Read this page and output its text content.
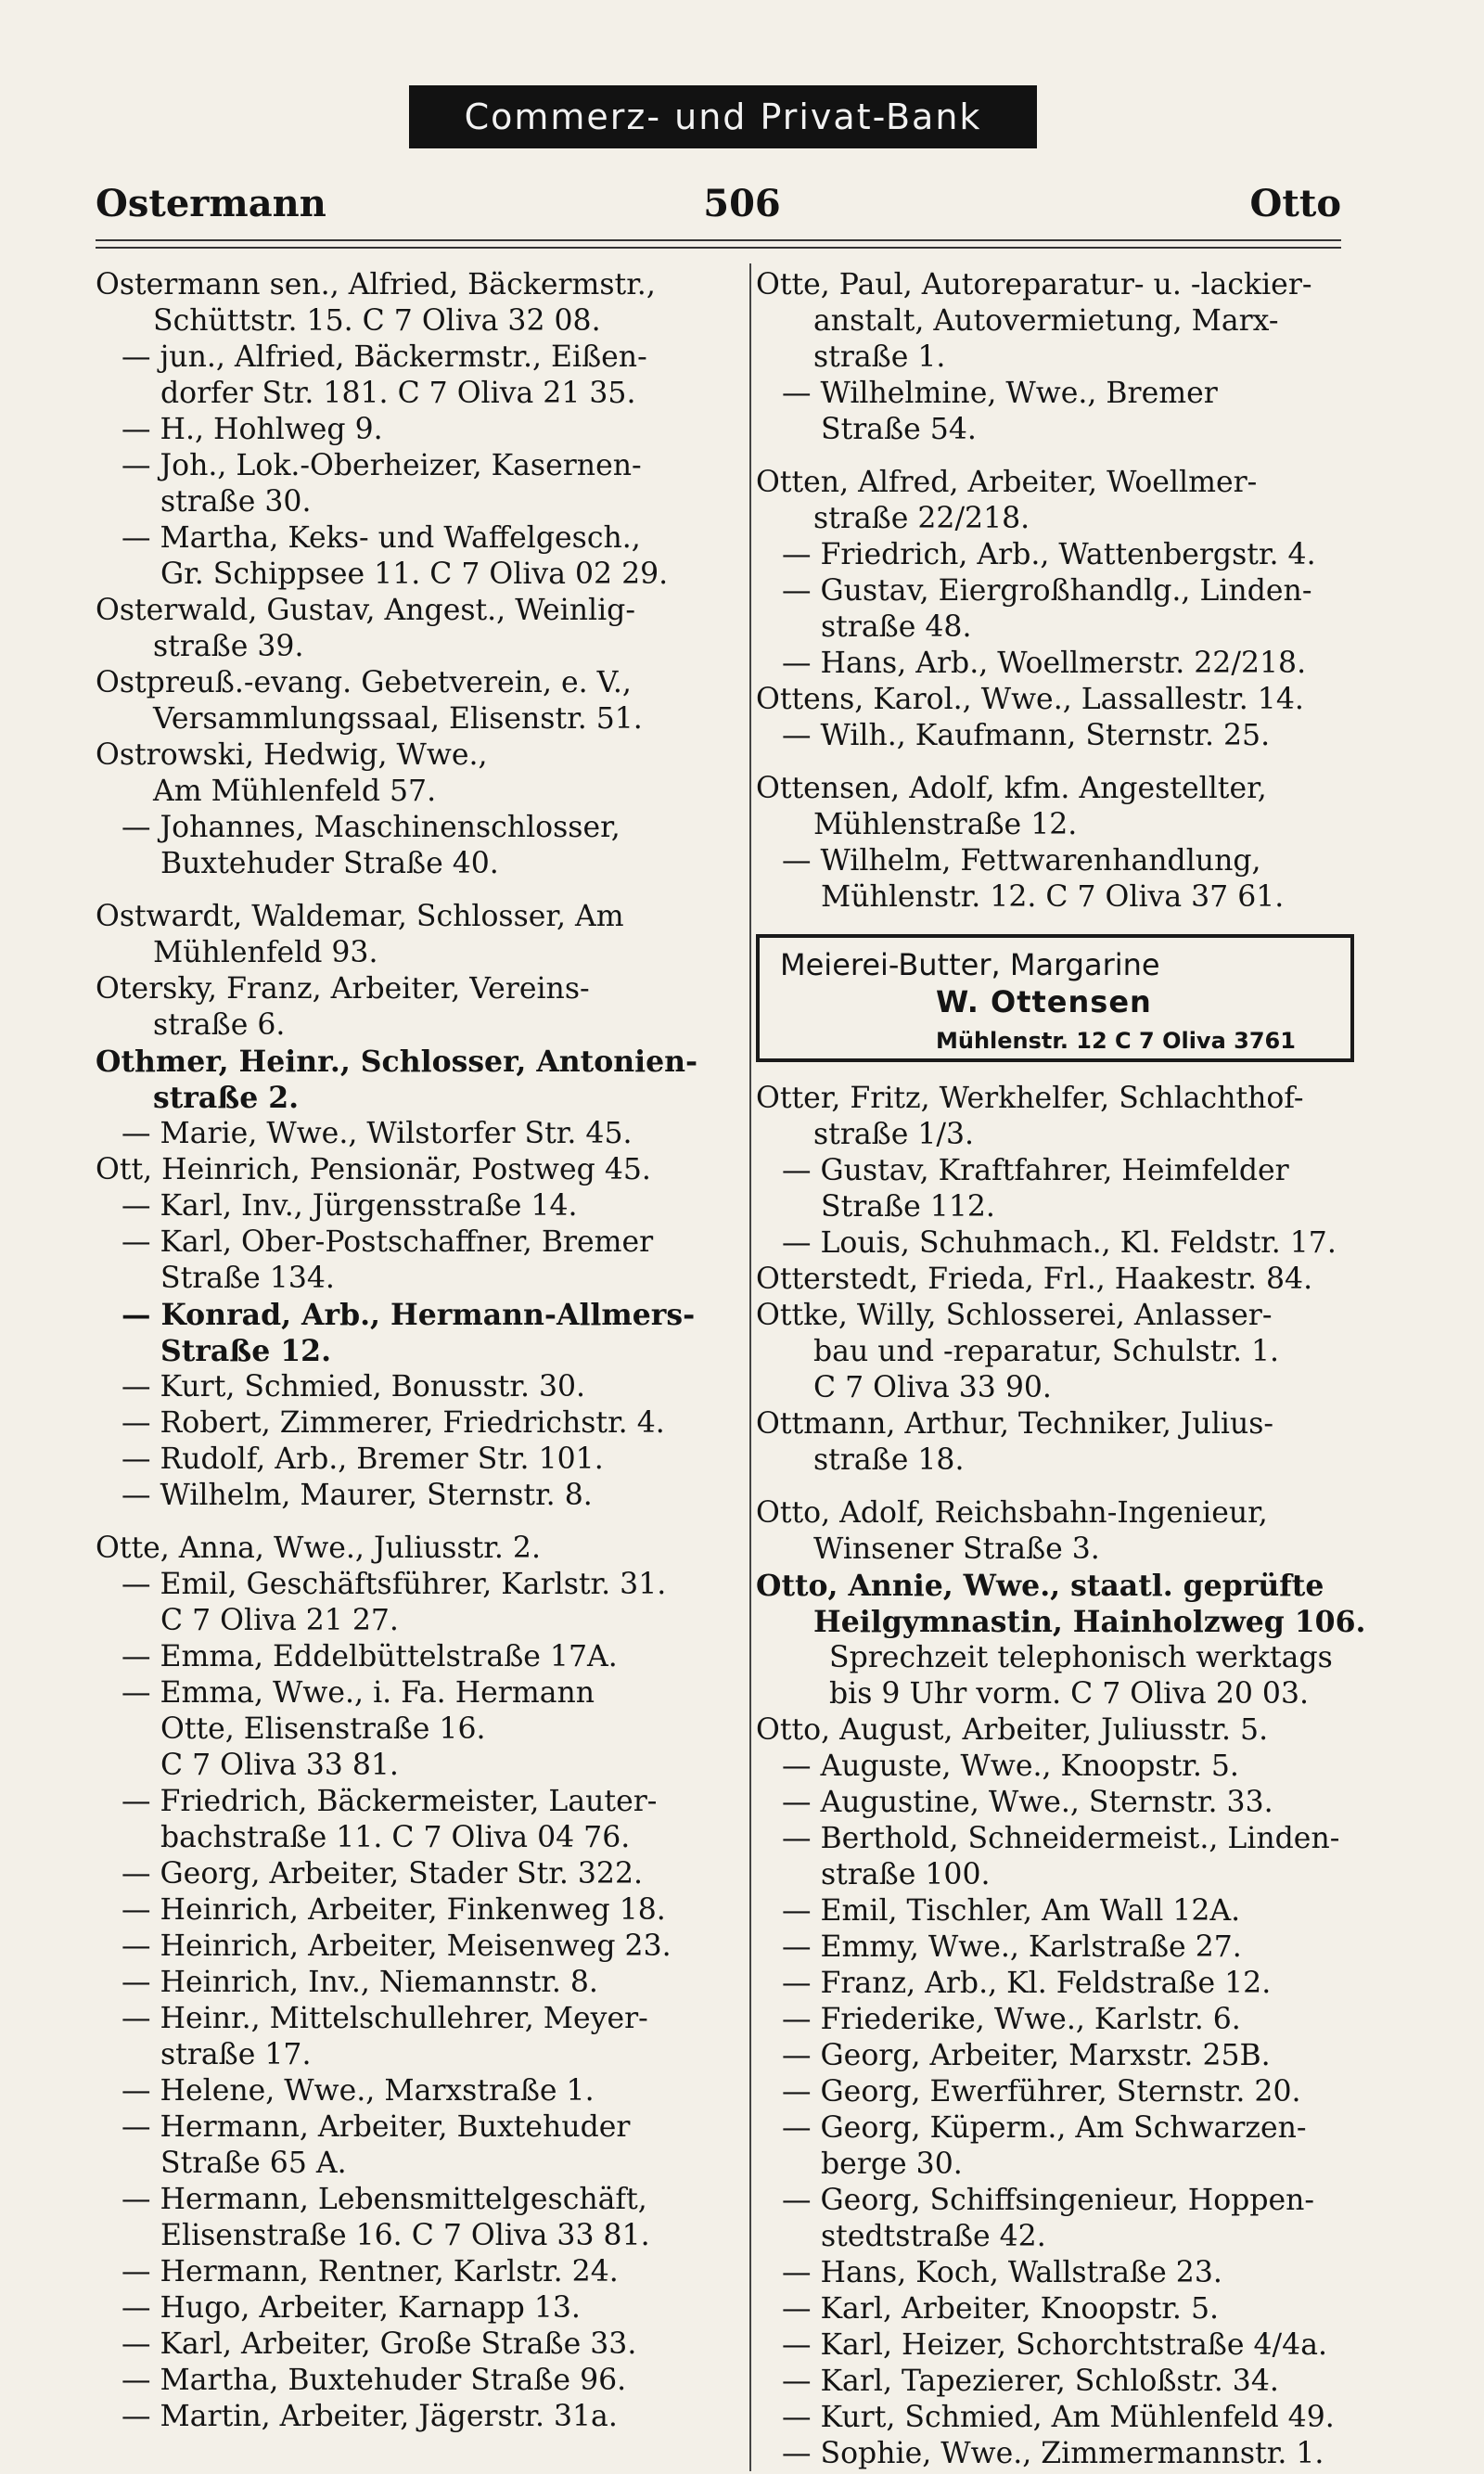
Commerz- und Privat-Bank
Ostermann	506	Otto
Ostermann sen., Alfried, Bäckermstr.,
Schüttstr. 15. C 7 Oliva 32 08.
— jun., Alfried, Bäckermstr., Eißen-
dorfer Str. 181. C 7 Oliva 21 35.
— H., Hohlweg 9.
— Joh., Lok.-Oberheizer, Kasernen-
straße 30.
— Martha, Keks- und Waffelgesch.,
Gr. Schippsee 11. C 7 Oliva 02 29.
Osterwald, Gustav, Angest., Weinlig-
straße 39.
Ostpreuß.-evang. Gebetverein, e. V.,
Versammlungssaal, Elisenstr. 51.
Ostrowski, Hedwig, Wwe.,
Am Mühlenfeld 57.
— Johannes, Maschinenschlosser,
Buxtehuder Straße 40.
Ostwardt, Waldemar, Schlosser, Am
Mühlenfeld 93.
Otersky, Franz, Arbeiter, Vereins-
straße 6.
Othmer, Heinr., Schlosser, Antonien-
straße 2.
— Marie, Wwe., Wilstorfer Str. 45.
Ott, Heinrich, Pensionär, Postweg 45.
— Karl, Inv., Jürgensstraße 14.
— Karl, Ober-Postschaffner, Bremer
Straße 134.
— Konrad, Arb., Hermann-Allmers-
Straße 12.
— Kurt, Schmied, Bonusstr. 30.
— Robert, Zimmerer, Friedrichstr. 4.
— Rudolf, Arb., Bremer Str. 101.
— Wilhelm, Maurer, Sternstr. 8.
Otte, Anna, Wwe., Juliusstr. 2.
— Emil, Geschäftsführer, Karlstr. 31.
C 7 Oliva 21 27.
— Emma, Eddelbüttelstraße 17A.
— Emma, Wwe., i. Fa. Hermann
Otte, Elisenstraße 16.
C 7 Oliva 33 81.
— Friedrich, Bäckermeister, Lauter-
bachstraße 11. C 7 Oliva 04 76.
— Georg, Arbeiter, Stader Str. 322.
— Heinrich, Arbeiter, Finkenweg 18.
— Heinrich, Arbeiter, Meisenweg 23.
— Heinrich, Inv., Niemannstr. 8.
— Heinr., Mittelschullehrer, Meyer-
straße 17.
— Helene, Wwe., Marxstraße 1.
— Hermann, Arbeiter, Buxtehuder
Straße 65 A.
— Hermann, Lebensmittelgeschäft,
Elisenstraße 16. C 7 Oliva 33 81.
— Hermann, Rentner, Karlstr. 24.
— Hugo, Arbeiter, Karnapp 13.
— Karl, Arbeiter, Große Straße 33.
— Martha, Buxtehuder Straße 96.
— Martin, Arbeiter, Jägerstr. 31a.
Otte, Paul, Autoreparatur- u. -lackier-
anstalt, Autovermietung, Marx-
straße 1.
— Wilhelmine, Wwe., Bremer
Straße 54.
Otten, Alfred, Arbeiter, Woellmer-
straße 22/218.
— Friedrich, Arb., Wattenbergstr. 4.
— Gustav, Eiergroßhandlg., Linden-
straße 48.
— Hans, Arb., Woellmerstr. 22/218.
Ottens, Karol., Wwe., Lassallestr. 14.
— Wilh., Kaufmann, Sternstr. 25.
Ottensen, Adolf, kfm. Angestellter,
Mühlenstraße 12.
— Wilhelm, Fettwarenhandlung,
Mühlenstr. 12. C 7 Oliva 37 61.
Meierei-Butter, Margarine
W. Ottensen
Mühlenstr. 12 C 7 Oliva 3761
Otter, Fritz, Werkhelfer, Schlachthof-
straße 1/3.
— Gustav, Kraftfahrer, Heimfelder
Straße 112.
— Louis, Schuhmach., Kl. Feldstr. 17.
Otterstedt, Frieda, Frl., Haakestr. 84.
Ottke, Willy, Schlosserei, Anlasser-
bau und -reparatur, Schulstr. 1.
C 7 Oliva 33 90.
Ottmann, Arthur, Techniker, Julius-
straße 18.
Otto, Adolf, Reichsbahn-Ingenieur,
Winsener Straße 3.
Otto, Annie, Wwe., staatl. geprüfte
Heilgymnastin, Hainholzweg 106.
Sprechzeit telephonisch werktags
bis 9 Uhr vorm. C 7 Oliva 20 03.
Otto, August, Arbeiter, Juliusstr. 5.
— Auguste, Wwe., Knoopstr. 5.
— Augustine, Wwe., Sternstr. 33.
— Berthold, Schneidermeist., Linden-
straße 100.
— Emil, Tischler, Am Wall 12A.
— Emmy, Wwe., Karlstraße 27.
— Franz, Arb., Kl. Feldstraße 12.
— Friederike, Wwe., Karlstr. 6.
— Georg, Arbeiter, Marxstr. 25B.
— Georg, Ewerführer, Sternstr. 20.
— Georg, Küperm., Am Schwarzen-
berge 30.
— Georg, Schiffsingenieur, Hoppen-
stedtstraße 42.
— Hans, Koch, Wallstraße 23.
— Karl, Arbeiter, Knoopstr. 5.
— Karl, Heizer, Schorchtstraße 4/4a.
— Karl, Tapezierer, Schloßstr. 34.
— Kurt, Schmied, Am Mühlenfeld 49.
— Sophie, Wwe., Zimmermannstr. 1.
